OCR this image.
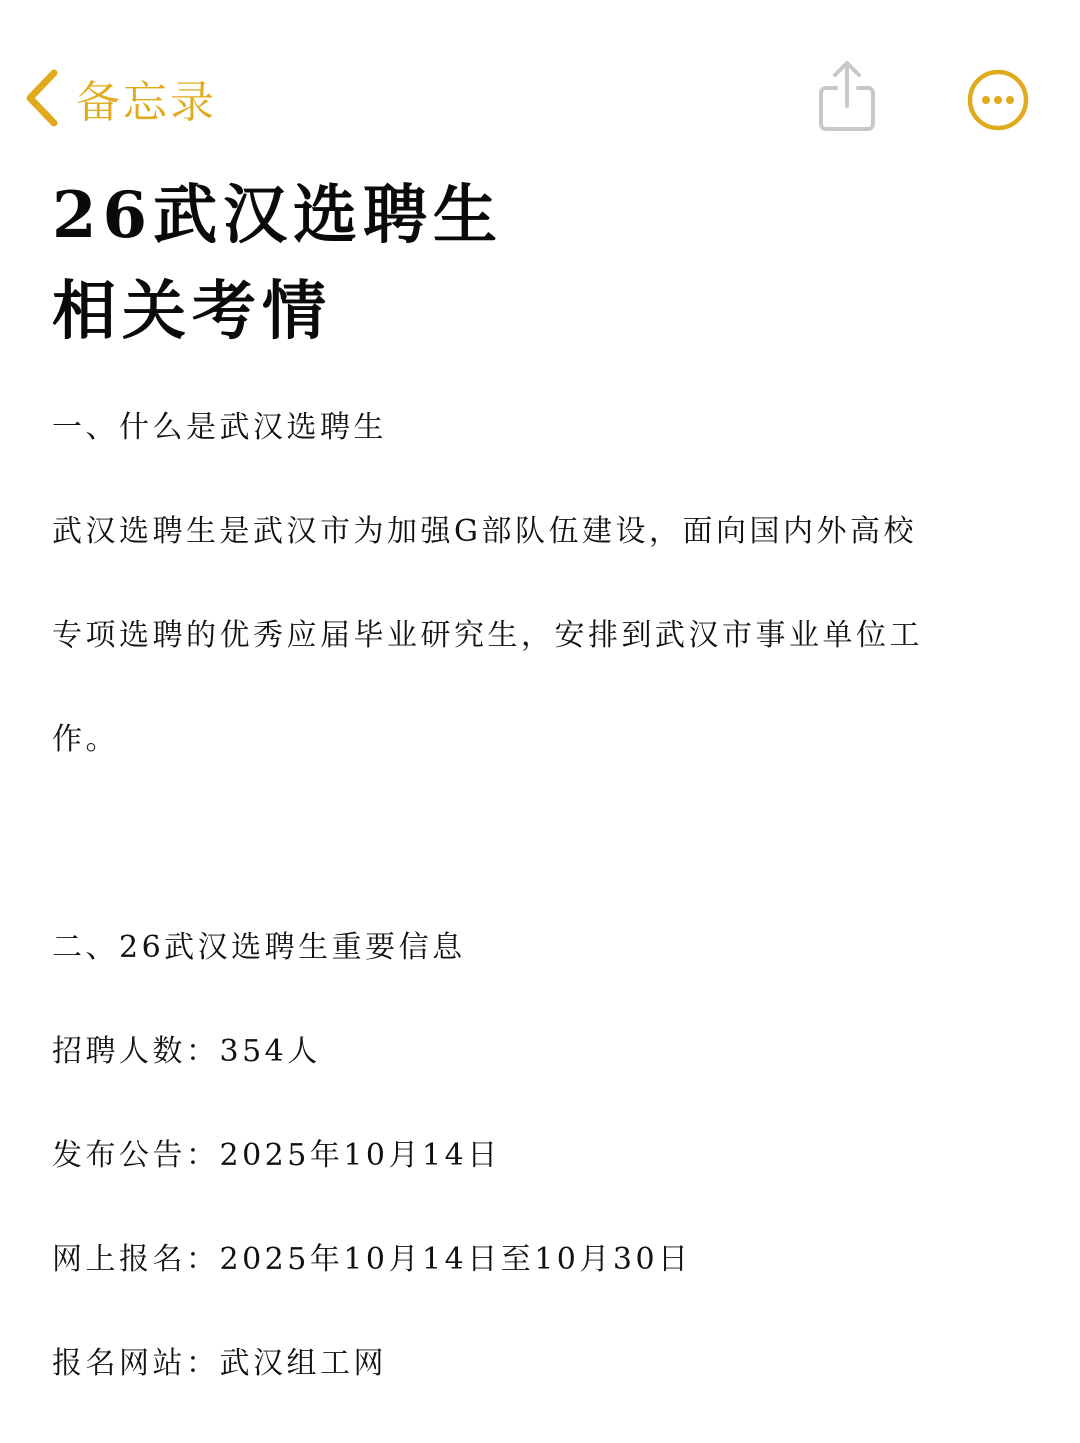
备忘录
26武汉选聘生
相关考情
一、什么是武汉选聘生
武汉选聘生是武汉市为加强G部队伍建设，面向国内外高校
专项选聘的优秀应届毕业研究生，安排到武汉市事业单位工
作。
二、26武汉选聘生重要信息
招聘人数：354人
发布公告：2025年10月14日
网上报名：2025年10月14日至10月30日
报名网站：武汉组工网
